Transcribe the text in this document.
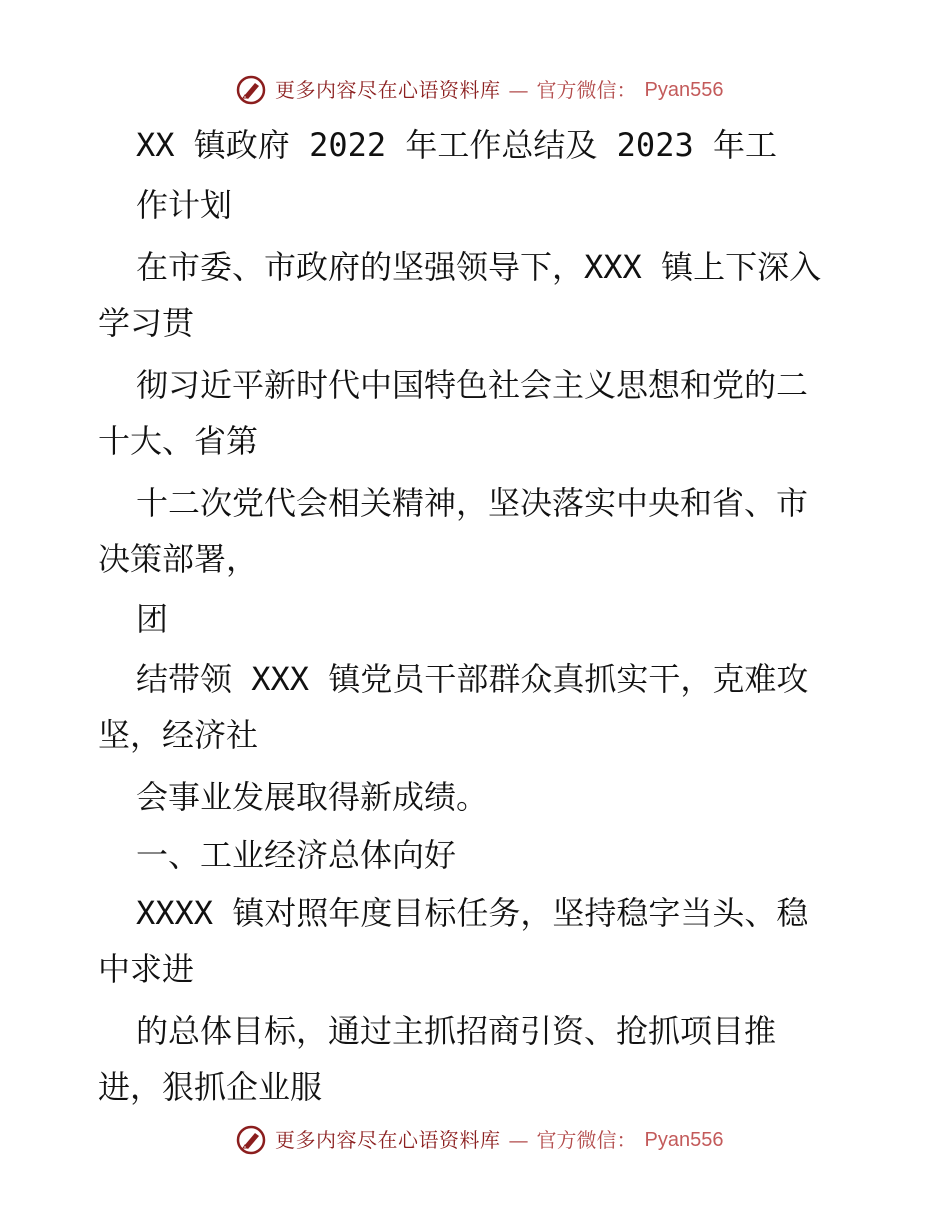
更多内容尽在心语资料库 — 官方微信： Pyan556
XX 镇政府 2022 年工作总结及 2023 年工
作计划
在市委、市政府的坚强领导下，XXX 镇上下深入
学习贯
彻习近平新时代中国特色社会主义思想和党的二
十大、省第
十二次党代会相关精神，坚决落实中央和省、市
决策部署，
团
结带领 XXX 镇党员干部群众真抓实干，克难攻
坚，经济社
会事业发展取得新成绩。
一、工业经济总体向好
XXXX 镇对照年度目标任务，坚持稳字当头、稳
中求进
的总体目标，通过主抓招商引资、抢抓项目推
进，狠抓企业服
更多内容尽在心语资料库 — 官方微信： Pyan556
